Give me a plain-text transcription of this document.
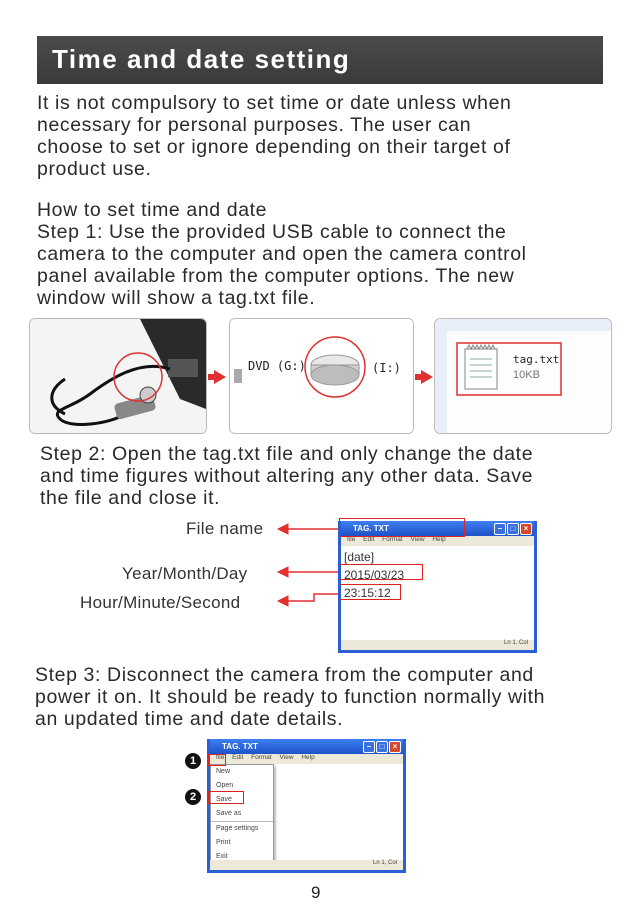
Time and date setting
It is not compulsory to set time or date unless when
necessary for personal purposes. The user can
choose to set or ignore depending on their target of
product use.
How to set time and date
Step 1: Use the provided USB cable to connect the
camera to the computer and open the camera control
panel available from the computer options. The new
window will show a tag.txt file.
DVD (G:)	(I:)
tag.txt
10KB
Step 2: Open the tag.txt file and only change the date
and time figures without altering any other data. Save
the file and close it.
File name
Year/Month/Day
Hour/Minute/Second
TAG. TXT	–	□	×
file Edit Format View Help
[date]
2015/03/23
23:15:12
Ln 1, Col
Step 3: Disconnect the camera from the computer and
power it on. It should be ready to function normally with
an updated time and date details.
1
2
TAG. TXT	–	□	×
file Edit Format View Help
New
Open
Save
Save as
Page settings
Print
Exit
Ln 1, Col
9
